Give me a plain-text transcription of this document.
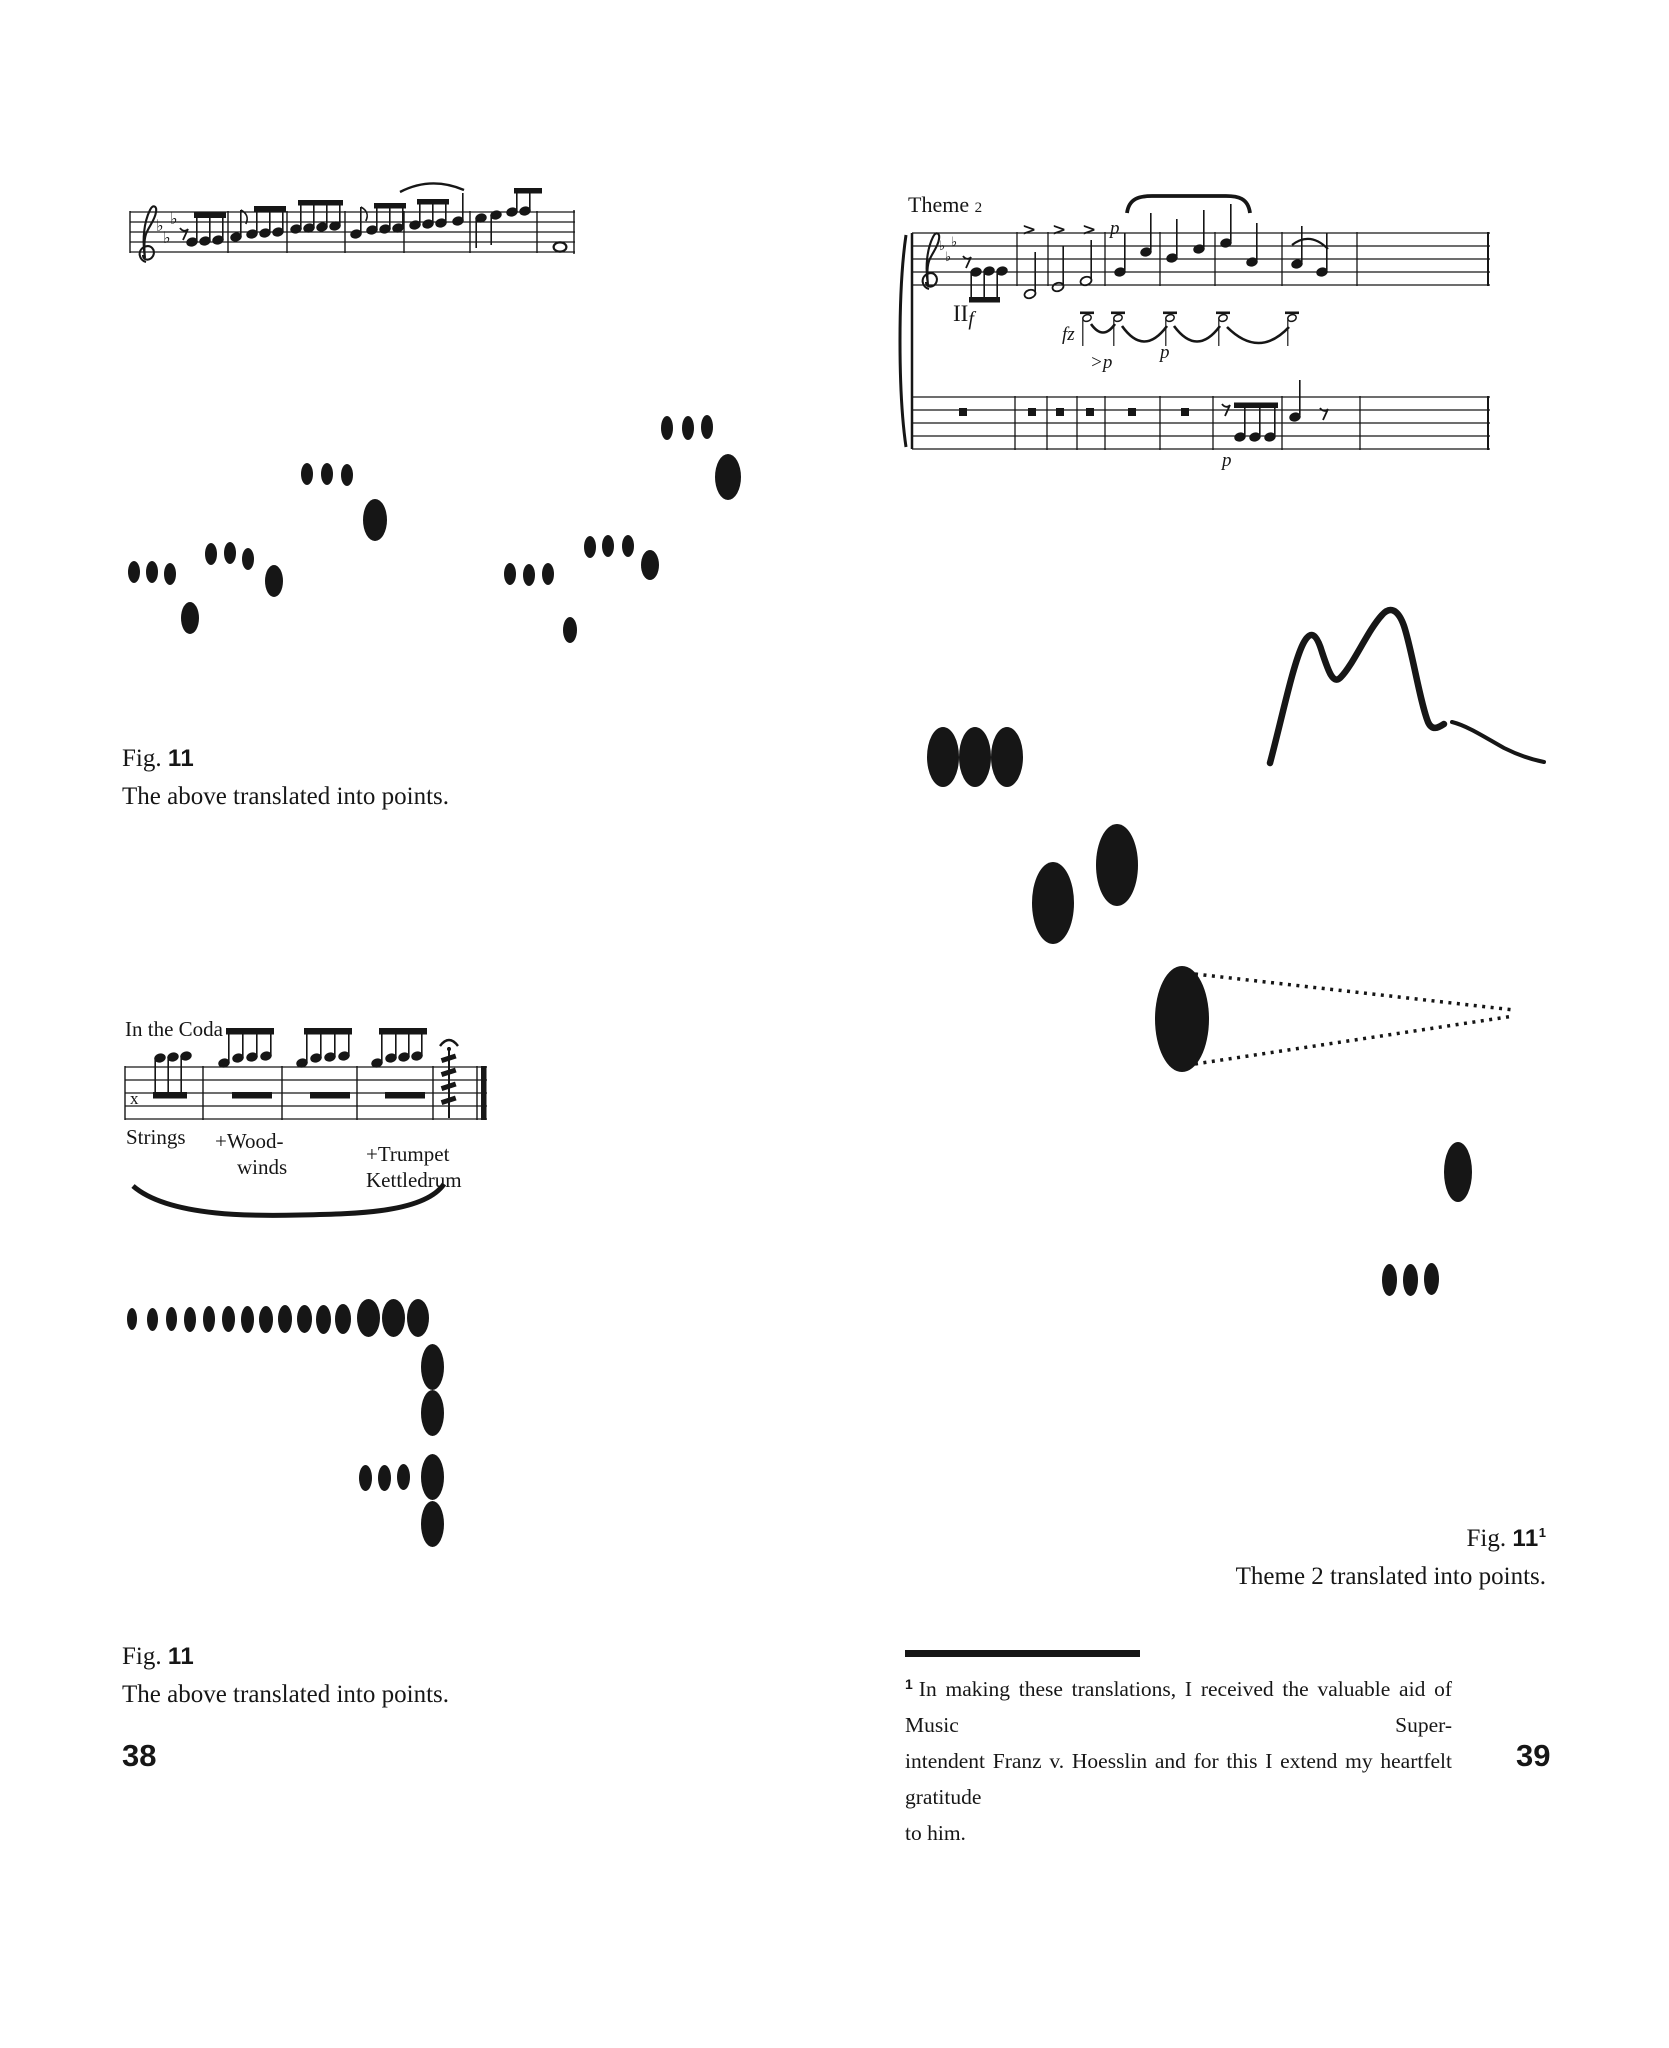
♭
♭
♭
♭
♭
♭
Fig. 11
The above translated into points.
In the Coda
x
Strings +Wood-
winds
+Trumpet
Kettledrum
Fig. 11
The above translated into points.
38
Theme 2
> > > p
IIf
fz
>p	p
p
Fig. $11^1$
Theme 2 translated into points.
$^1$ In making these translations, I received the valuable aid of Music Super-
intendent Franz v. Hoesslin and for this I extend my heartfelt gratitude
to him.
39
